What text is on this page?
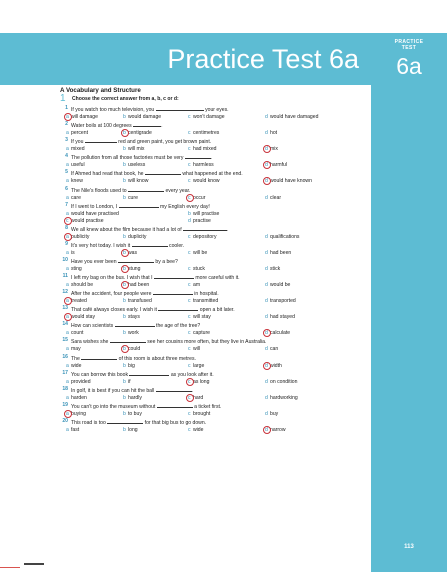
PRACTICE
TEST
6a
Practice Test 6a
A Vocabulary and Structure
1 Choose the correct answer from a, b, c or d:
1 If you watch too much television, you	your eyes.
a will damage	b would damage	c won't damage	d would have damaged
2 Water boils at 100 degrees	.
a percent	b centigrade	c centimetres	d hot
3 If you	red and green paint, you get brown paint.
a mixed	b will mix	c had mixed	d mix
4 The pollution from all those factories must be very	.
a useful	b useless	c harmless	d harmful
5 If Ahmed had read that book, he	what happened at the end.
a knew	b will know	c would know	d would have known
6 The Nile's floods used to	every year.
a care	b cure	c occur	d clear
7 If I went to London, I	my English every day!
a would have practised	b will practise
c would practise	d practise
8 We all knew about the film because it had a lot of	.
a publicity	b duplicity	c depository	d qualifications
9 It's very hot today. I wish it	cooler.
a is	b was	c will be	d had been
10 Have you ever been	by a bee?
a sting	b stung	c stuck	d stick
11 I left my bag on the bus. I wish that I	more careful with it.
a should be	b had been	c am	d would be
12 After the accident, four people were	in hospital.
a treated	b transfused	c transmitted	d transported
13 That café always closes early. I wish it	open a bit later.
a would stay	b stays	c will stay	d had stayed
14 How can scientists	the age of the tree?
a count	b work	c capture	d calculate
15 Sara wishes she	see her cousins more often, but they live in Australia.
a may	b could	c will	d can
16 The	of this room is about three metres.
a wide	b big	c large	d width
17 You can borrow this book	as you look after it.
a provided	b if	c as long	d on condition
18 In golf, it is best if you can hit the ball	.
a harden	b hardly	c hard	d hardworking
19 You can't go into the museum without	a ticket first.
a buying	b to buy	c brought	d buy
20 This road is too	for that big bus to go down.
a fast	b long	c wide	d narrow
113
